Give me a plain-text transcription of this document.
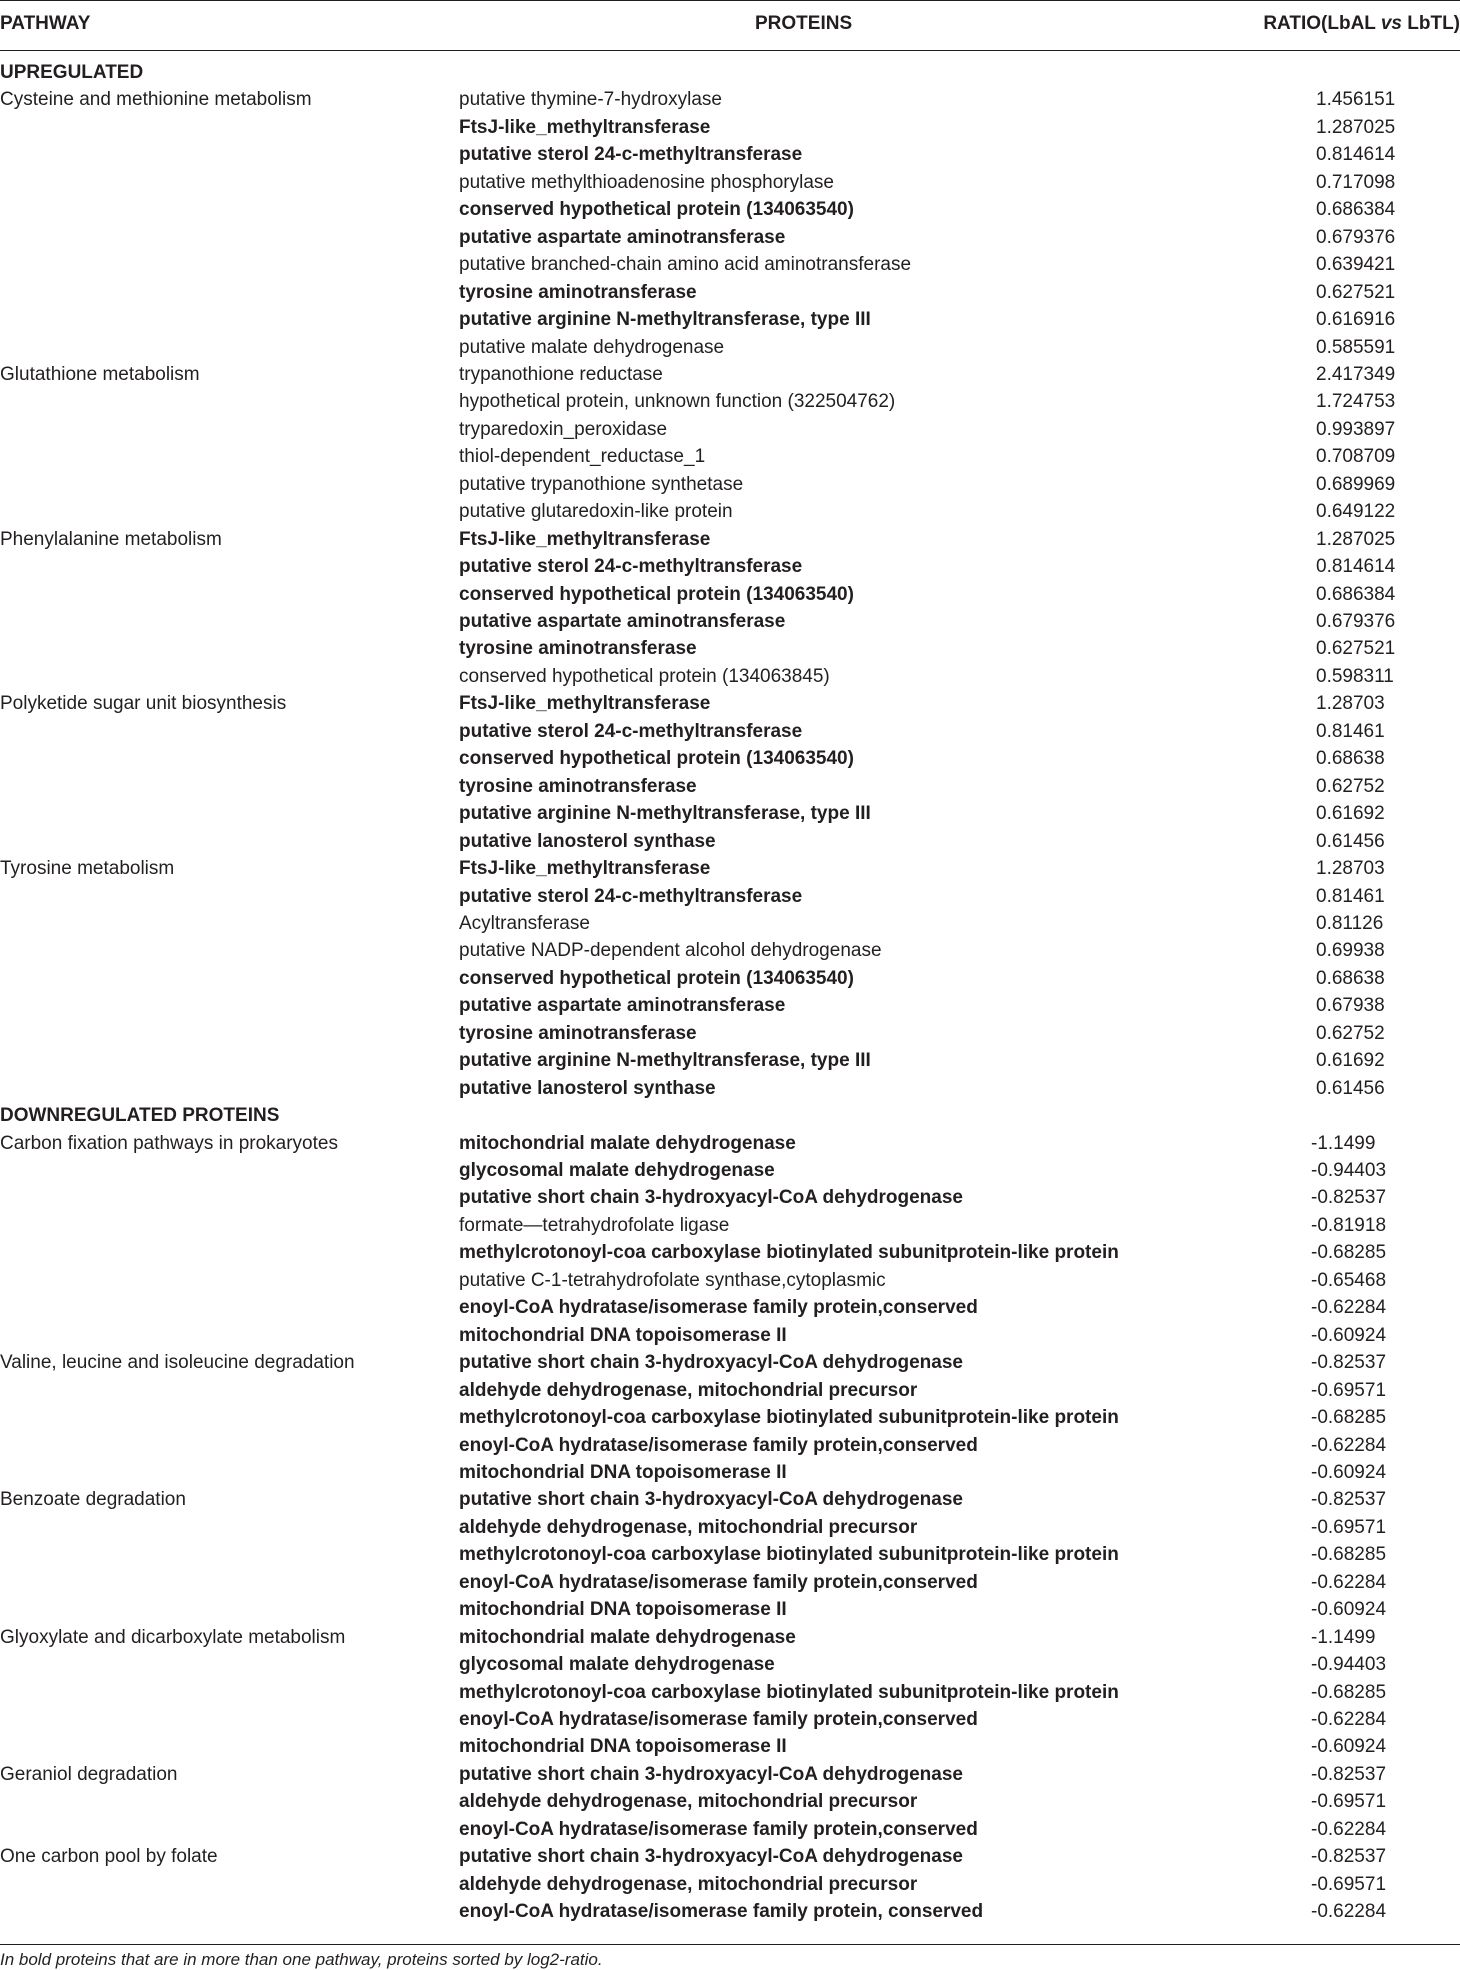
PATHWAY	PROTEINS	RATIO(LbAL vs LbTL)
UPREGULATED
Cysteine and methionine metabolism	putative thymine-7-hydroxylase	1.456151
FtsJ-like_methyltransferase	1.287025
putative sterol 24-c-methyltransferase	0.814614
putative methylthioadenosine phosphorylase	0.717098
conserved hypothetical protein (134063540)	0.686384
putative aspartate aminotransferase	0.679376
putative branched-chain amino acid aminotransferase	0.639421
tyrosine aminotransferase	0.627521
putative arginine N-methyltransferase, type III	0.616916
putative malate dehydrogenase	0.585591
Glutathione metabolism	trypanothione reductase	2.417349
hypothetical protein, unknown function (322504762)	1.724753
tryparedoxin_peroxidase	0.993897
thiol-dependent_reductase_1	0.708709
putative trypanothione synthetase	0.689969
putative glutaredoxin-like protein	0.649122
Phenylalanine metabolism	FtsJ-like_methyltransferase	1.287025
putative sterol 24-c-methyltransferase	0.814614
conserved hypothetical protein (134063540)	0.686384
putative aspartate aminotransferase	0.679376
tyrosine aminotransferase	0.627521
conserved hypothetical protein (134063845)	0.598311
Polyketide sugar unit biosynthesis	FtsJ-like_methyltransferase	1.28703
putative sterol 24-c-methyltransferase	0.81461
conserved hypothetical protein (134063540)	0.68638
tyrosine aminotransferase	0.62752
putative arginine N-methyltransferase, type III	0.61692
putative lanosterol synthase	0.61456
Tyrosine metabolism	FtsJ-like_methyltransferase	1.28703
putative sterol 24-c-methyltransferase	0.81461
Acyltransferase	0.81126
putative NADP-dependent alcohol dehydrogenase	0.69938
conserved hypothetical protein (134063540)	0.68638
putative aspartate aminotransferase	0.67938
tyrosine aminotransferase	0.62752
putative arginine N-methyltransferase, type III	0.61692
putative lanosterol synthase	0.61456
DOWNREGULATED PROTEINS
Carbon fixation pathways in prokaryotes	mitochondrial malate dehydrogenase	-1.1499
glycosomal malate dehydrogenase	-0.94403
putative short chain 3-hydroxyacyl-CoA dehydrogenase	-0.82537
formate—tetrahydrofolate ligase	-0.81918
methylcrotonoyl-coa carboxylase biotinylated subunitprotein-like protein	-0.68285
putative C-1-tetrahydrofolate synthase,cytoplasmic	-0.65468
enoyl-CoA hydratase/isomerase family protein,conserved	-0.62284
mitochondrial DNA topoisomerase II	-0.60924
Valine, leucine and isoleucine degradation	putative short chain 3-hydroxyacyl-CoA dehydrogenase	-0.82537
aldehyde dehydrogenase, mitochondrial precursor	-0.69571
methylcrotonoyl-coa carboxylase biotinylated subunitprotein-like protein	-0.68285
enoyl-CoA hydratase/isomerase family protein,conserved	-0.62284
mitochondrial DNA topoisomerase II	-0.60924
Benzoate degradation	putative short chain 3-hydroxyacyl-CoA dehydrogenase	-0.82537
aldehyde dehydrogenase, mitochondrial precursor	-0.69571
methylcrotonoyl-coa carboxylase biotinylated subunitprotein-like protein	-0.68285
enoyl-CoA hydratase/isomerase family protein,conserved	-0.62284
mitochondrial DNA topoisomerase II	-0.60924
Glyoxylate and dicarboxylate metabolism	mitochondrial malate dehydrogenase	-1.1499
glycosomal malate dehydrogenase	-0.94403
methylcrotonoyl-coa carboxylase biotinylated subunitprotein-like protein	-0.68285
enoyl-CoA hydratase/isomerase family protein,conserved	-0.62284
mitochondrial DNA topoisomerase II	-0.60924
Geraniol degradation	putative short chain 3-hydroxyacyl-CoA dehydrogenase	-0.82537
aldehyde dehydrogenase, mitochondrial precursor	-0.69571
enoyl-CoA hydratase/isomerase family protein,conserved	-0.62284
One carbon pool by folate	putative short chain 3-hydroxyacyl-CoA dehydrogenase	-0.82537
aldehyde dehydrogenase, mitochondrial precursor	-0.69571
enoyl-CoA hydratase/isomerase family protein, conserved	-0.62284
In bold proteins that are in more than one pathway, proteins sorted by log2-ratio.
